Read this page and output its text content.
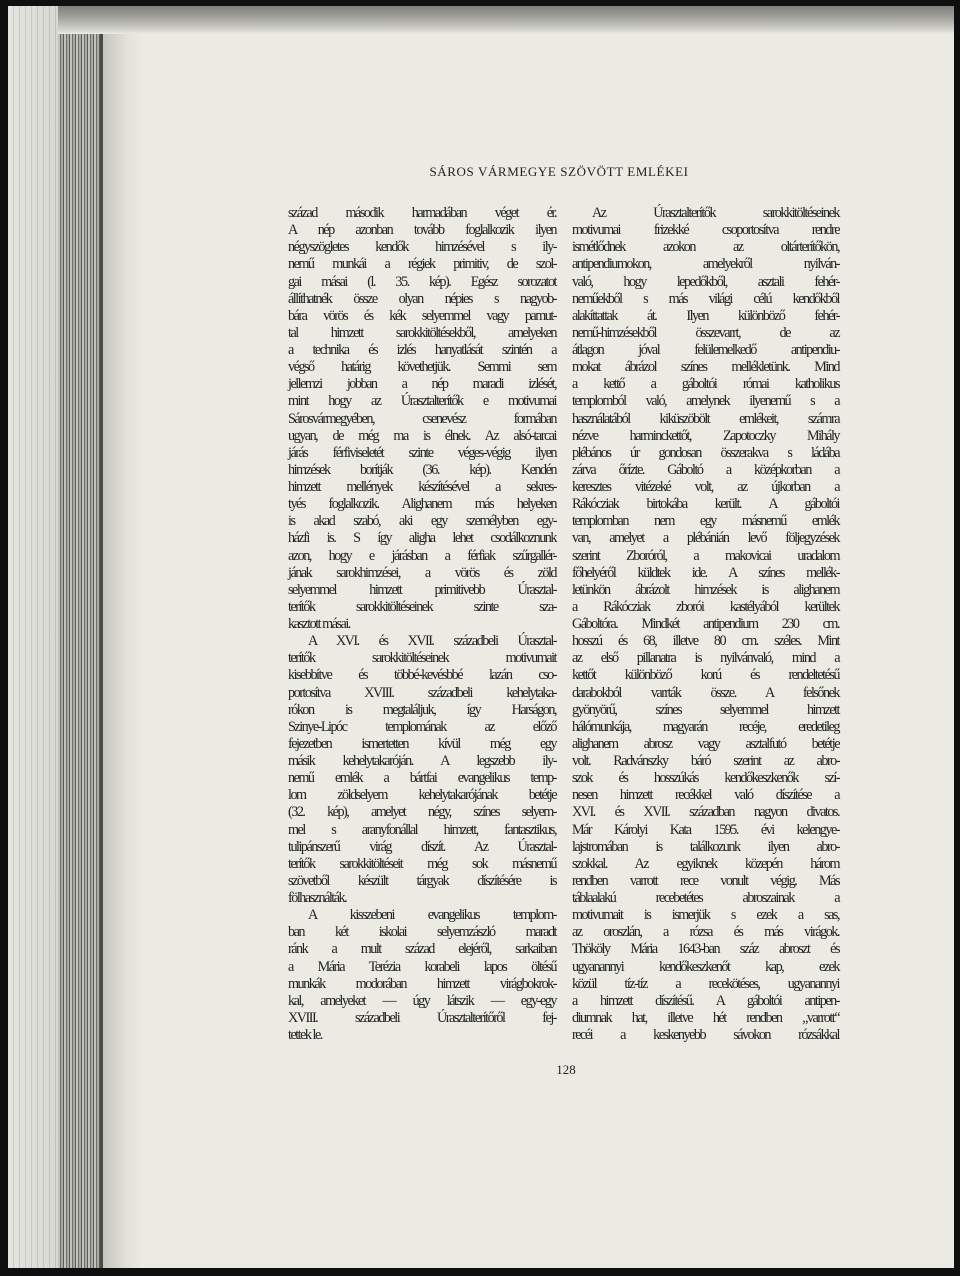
SÁROS VÁRMEGYE SZÖVÖTT EMLÉKEI
század második harmadában véget ér.
A nép azonban tovább foglalkozik ilyen
négyszögletes kendők himzésével s ily-
nemű munkái a régiek primitiv, de szol-
gai másai (l. 35. kép). Egész sorozatot
állíthatnék össze olyan népies s nagyob-
bára vörös és kék selyemmel vagy pamut-
tal himzett sarokkitöltésekből, amelyeken
a technika és izlés hanyatlását szintén a
végső határig követhetjük. Semmi sem
jellemzi jobban a nép maradi izlését,
mint hogy az Úrasztalterítők e motivumai
Sárosvármegyében, csenevész formában
ugyan, de még ma is élnek. Az alsó-tarcai
járás férfiviseletét szinte véges-végig ilyen
himzések borítják (36. kép). Kendén
himzett mellények készítésével a sekres-
tyés foglalkozik. Alighanem más helyeken
is akad szabó, aki egy személyben egy-
házfi is. S így aligha lehet csodálkoznunk
azon, hogy e járásban a férfiak szűrgallér-
jának sarokhimzései, a vörös és zöld
selyemmel himzett primitivebb Úrasztal-
terítők sarokkitöltéseinek szinte sza-
kasztott másai.
A XVI. és XVII. századbeli Úrasztal-
terítők sarokkitöltéseinek motivumait
kisebbítve és többé-kevésbbé lazán cso-
portosítva XVIII. századbeli kehelytaka-
rókon is megtaláljuk, így Harságon,
Szinye-Lipóc templomának az előző
fejezetben ismertetten kívül még egy
másik kehelytakaróján. A legszebb ily-
nemű emlék a bártfai evangelikus temp-
lom zöldselyem kehelytakarójának betétje
(32. kép), amelyet négy, színes selyem-
mel s aranyfonállal himzett, fantasztikus,
tulipánszerű virág díszít. Az Úrasztal-
terítők sarokkitöltéseit még sok másnemű
szövetből készült tárgyak díszítésére is
fölhasználták.
A kisszebeni evangelikus templom-
ban két iskolai selyemzászló maradt
ránk a mult század elejéről, sarkaiban
a Mária Terézia korabeli lapos öltésű
munkák modorában himzett virágbokrok-
kal, amelyeket — úgy látszik — egy-egy
XVIII. századbeli Úrasztalterítőről fej-
tettek le.
Az Úrasztalterítők sarokkitöltéseinek
motivumai frizekké csoportosítva rendre
ismétlődnek azokon az oltárterítőkön,
antipendiumokon, amelyekről nyilván-
való, hogy lepedőkből, asztali fehér-
neműekből s más világi célú kendőkből
alakíttattak át. Ilyen különböző fehér-
nemű-himzésekből összevarrt, de az
átlagon jóval felülemelkedő antipendiu-
mokat ábrázol színes mellékletünk. Mind
a kettő a gáboltói római katholikus
templomból való, amelynek ilyenemű s a
használatából kiküszöbölt emlékeit, számra
nézve harminckettőt, Zapotoczky Mihály
plébános úr gondosan összerakva s ládába
zárva őrízte. Gáboltó a középkorban a
keresztes vitézeké volt, az újkorban a
Rákócziak birtokába került. A gáboltói
templomban nem egy másnemű emlék
van, amelyet a plébánián levő följegyzések
szerint Zboróról, a makovicai uradalom
főhelyéről küldtek ide. A színes mellék-
letünkön ábrázolt himzések is alighanem
a Rákócziak zborói kastélyából kerültek
Gáboltóra. Mindkét antipendium 230 cm.
hosszú és 68, illetve 80 cm. széles. Mint
az első pillanatra is nyilvánvaló, mind a
kettőt különböző korú és rendeltetésű
darabokból varrták össze. A felsőnek
gyönyörű, színes selyemmel himzett
hálómunkája, magyarán recéje, eredetileg
alighanem abrosz vagy asztalfutó betétje
volt. Radvánszky báró szerint az abro-
szok és hosszúkás kendőkeszkenők szí-
nesen himzett recékkel való díszítése a
XVI. és XVII. században nagyon divatos.
Már Károlyi Kata 1595. évi kelengye-
lajstromában is találkozunk ilyen abro-
szokkal. Az egyiknek közepén három
rendben varrott rece vonult végig. Más
táblaalakú recebetétes abroszainak a
motivumait is ismerjük s ezek a sas,
az oroszlán, a rózsa és más virágok.
Thököly Mária 1643-ban száz abroszt és
ugyanannyi kendőkeszkenőt kap, ezek
közül tíz-tíz a recekötéses, ugyanannyi
a himzett díszítésű. A gáboltói antipen-
diumnak hat, illetve hét rendben „varrott“
recéi a keskenyebb sávokon rózsákkal
128
